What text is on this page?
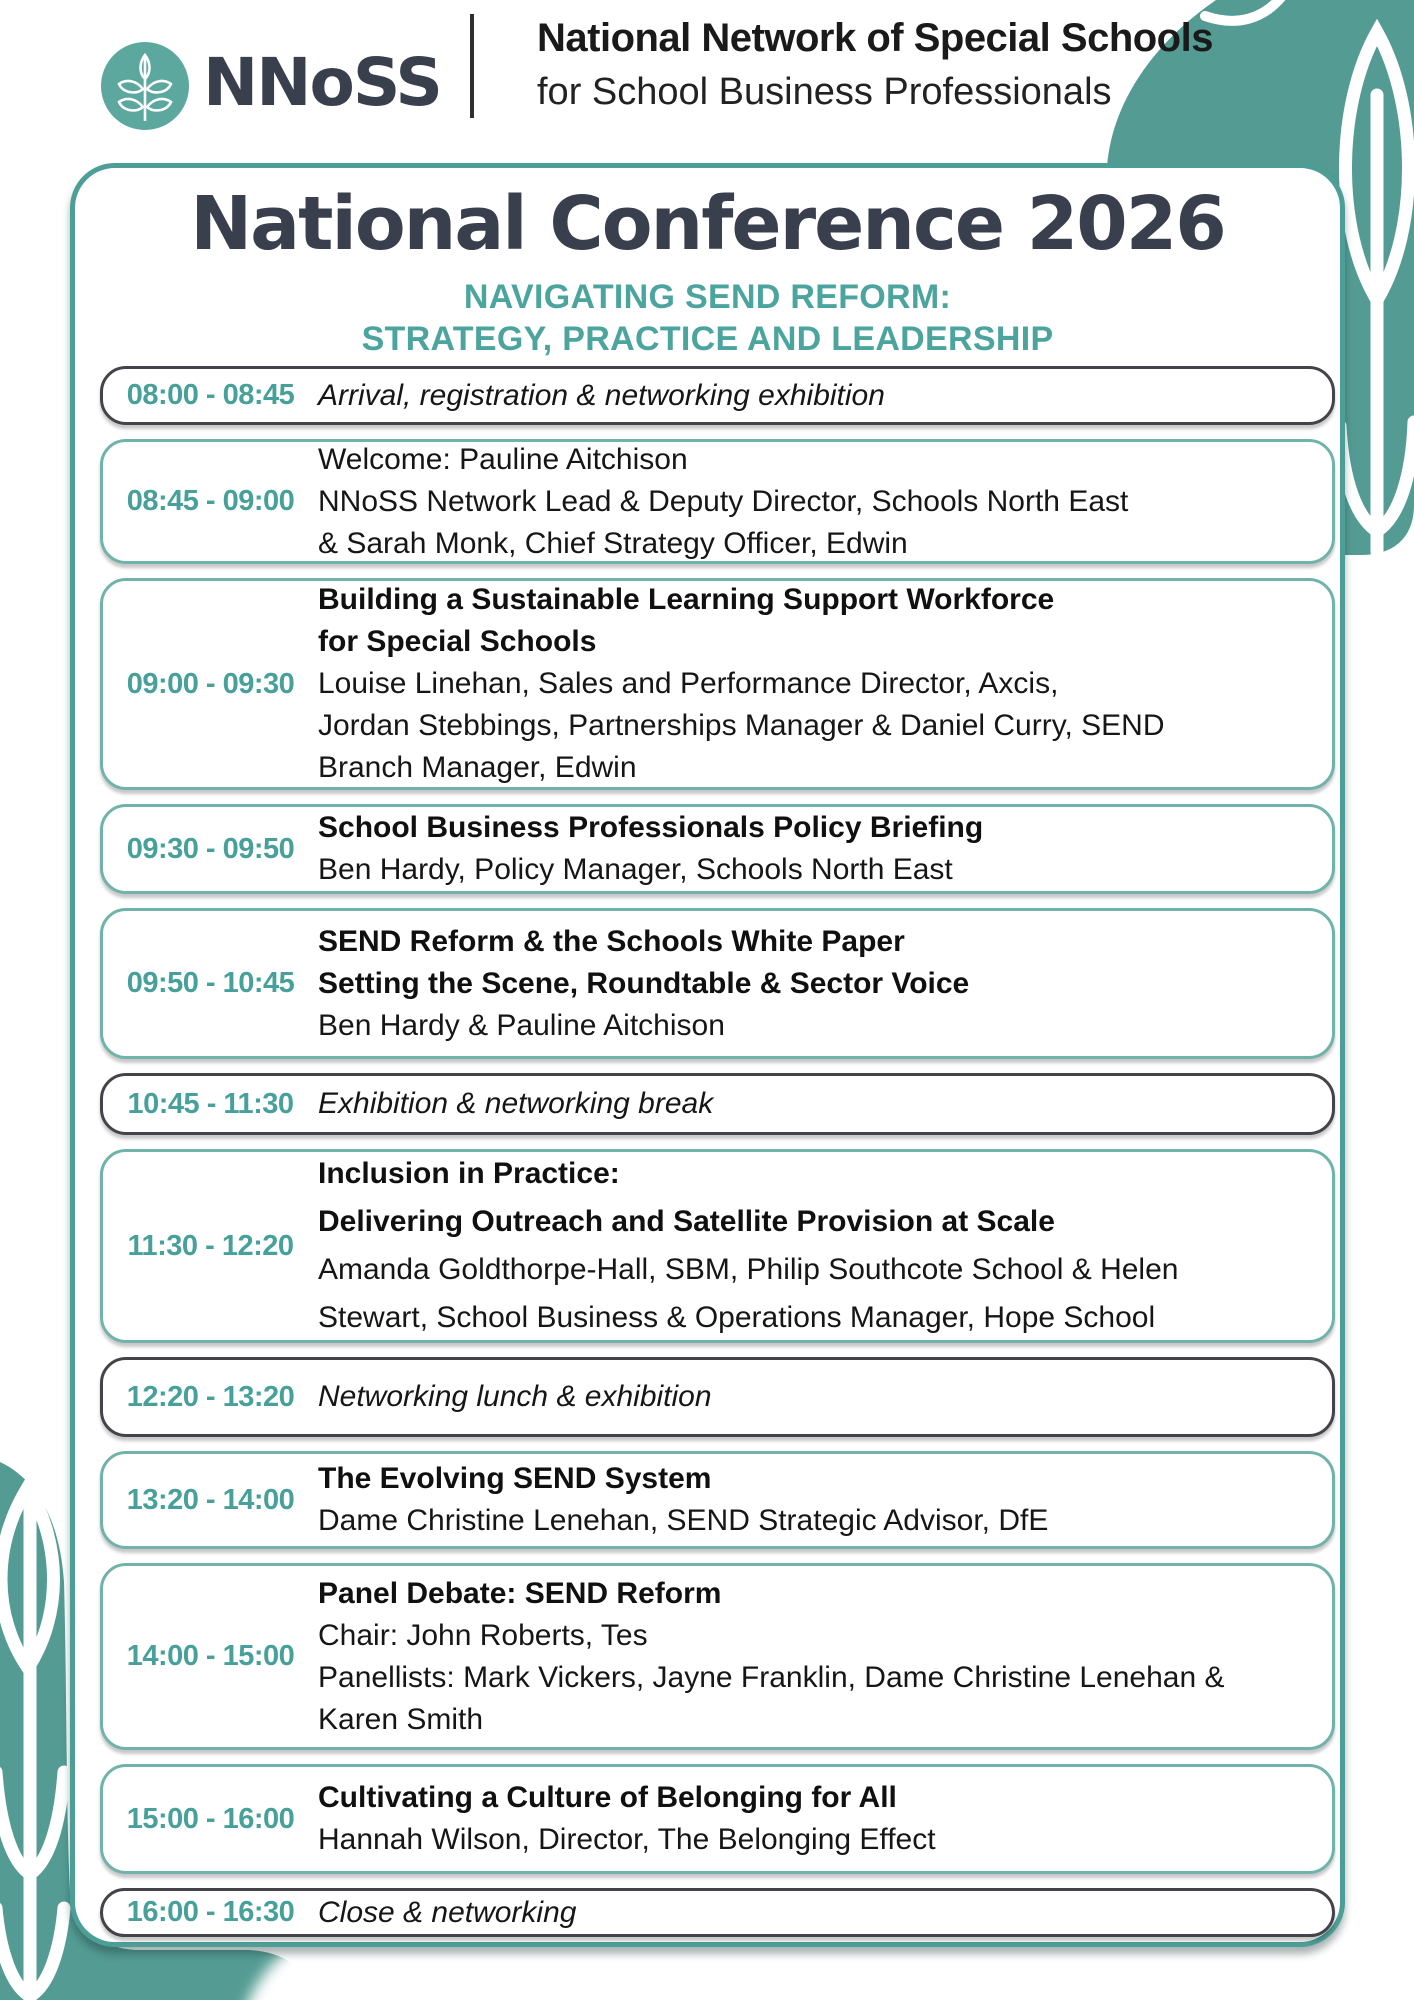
NNoSS
National Network of Special Schools
for School Business Professionals
National Conference 2026
NAVIGATING SEND REFORM:
STRATEGY, PRACTICE AND LEADERSHIP
08:00 - 08:45 Arrival, registration & networking exhibition
08:45 - 09:00
Welcome: Pauline Aitchison
NNoSS Network Lead & Deputy Director, Schools North East
& Sarah Monk, Chief Strategy Officer, Edwin
09:00 - 09:30
Building a Sustainable Learning Support Workforce
for Special Schools
Louise Linehan, Sales and Performance Director, Axcis,
Jordan Stebbings, Partnerships Manager & Daniel Curry, SEND
Branch Manager, Edwin
09:30 - 09:50
School Business Professionals Policy Briefing
Ben Hardy, Policy Manager, Schools North East
09:50 - 10:45
SEND Reform & the Schools White Paper
Setting the Scene, Roundtable & Sector Voice
Ben Hardy & Pauline Aitchison
10:45 - 11:30 Exhibition & networking break
11:30 - 12:20
Inclusion in Practice:
Delivering Outreach and Satellite Provision at Scale
Amanda Goldthorpe-Hall, SBM, Philip Southcote School & Helen
Stewart, School Business & Operations Manager, Hope School
12:20 - 13:20 Networking lunch & exhibition
13:20 - 14:00
The Evolving SEND System
Dame Christine Lenehan, SEND Strategic Advisor, DfE
14:00 - 15:00
Panel Debate: SEND Reform
Chair: John Roberts, Tes
Panellists: Mark Vickers, Jayne Franklin, Dame Christine Lenehan &
Karen Smith
15:00 - 16:00
Cultivating a Culture of Belonging for All
Hannah Wilson, Director, The Belonging Effect
16:00 - 16:30 Close & networking
